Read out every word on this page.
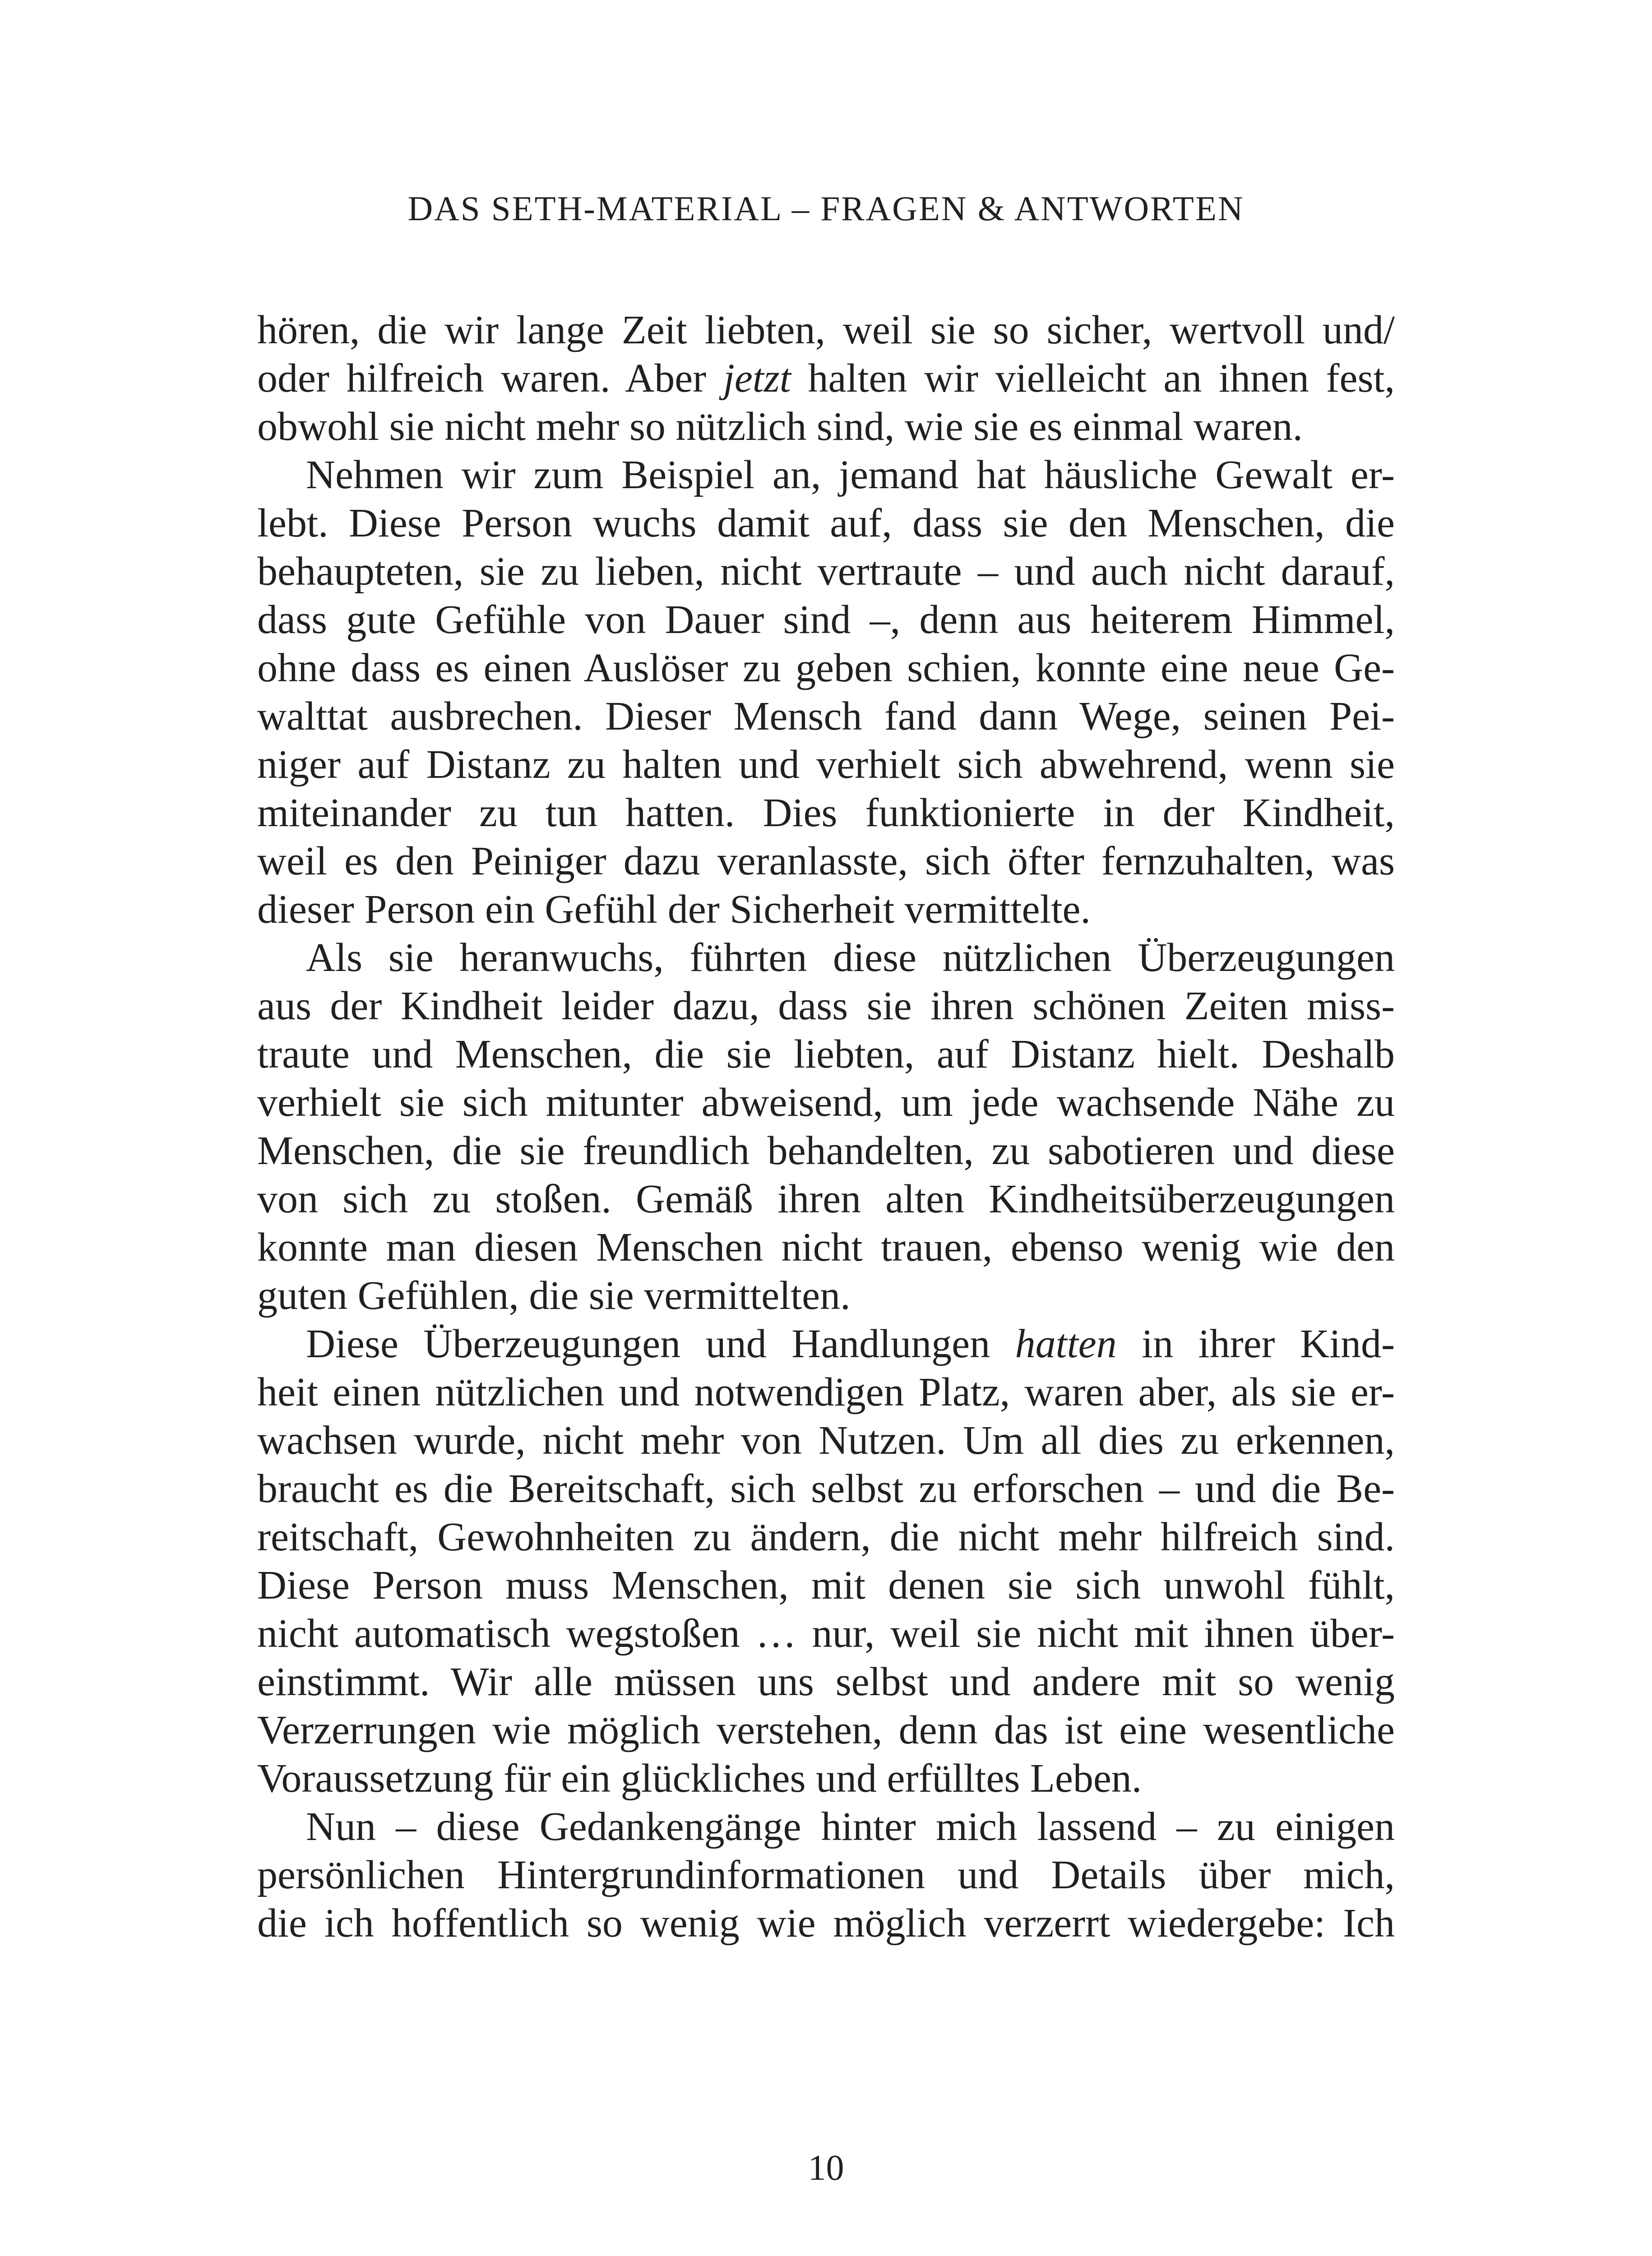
DAS SETH-MATERIAL – FRAGEN & ANTWORTEN
hören, die wir lange Zeit liebten, weil sie so sicher, wertvoll und/
oder hilfreich waren. Aber jetzt halten wir vielleicht an ihnen fest,
obwohl sie nicht mehr so nützlich sind, wie sie es einmal waren.
Nehmen wir zum Beispiel an, jemand hat häusliche Gewalt er-
lebt. Diese Person wuchs damit auf, dass sie den Menschen, die
behaupteten, sie zu lieben, nicht vertraute – und auch nicht darauf,
dass gute Gefühle von Dauer sind –, denn aus heiterem Himmel,
ohne dass es einen Auslöser zu geben schien, konnte eine neue Ge-
walttat ausbrechen. Dieser Mensch fand dann Wege, seinen Pei-
niger auf Distanz zu halten und verhielt sich abwehrend, wenn sie
miteinander zu tun hatten. Dies funktionierte in der Kindheit,
weil es den Peiniger dazu veranlasste, sich öfter fernzuhalten, was
dieser Person ein Gefühl der Sicherheit vermittelte.
Als sie heranwuchs, führten diese nützlichen Überzeugungen
aus der Kindheit leider dazu, dass sie ihren schönen Zeiten miss-
traute und Menschen, die sie liebten, auf Distanz hielt. Deshalb
verhielt sie sich mitunter abweisend, um jede wachsende Nähe zu
Menschen, die sie freundlich behandelten, zu sabotieren und diese
von sich zu stoßen. Gemäß ihren alten Kindheitsüberzeugungen
konnte man diesen Menschen nicht trauen, ebenso wenig wie den
guten Gefühlen, die sie vermittelten.
Diese Überzeugungen und Handlungen hatten in ihrer Kind-
heit einen nützlichen und notwendigen Platz, waren aber, als sie er-
wachsen wurde, nicht mehr von Nutzen. Um all dies zu erkennen,
braucht es die Bereitschaft, sich selbst zu erforschen – und die Be-
reitschaft, Gewohnheiten zu ändern, die nicht mehr hilfreich sind.
Diese Person muss Menschen, mit denen sie sich unwohl fühlt,
nicht automatisch wegstoßen … nur, weil sie nicht mit ihnen über-
einstimmt. Wir alle müssen uns selbst und andere mit so wenig
Verzerrungen wie möglich verstehen, denn das ist eine wesentliche
Voraussetzung für ein glückliches und erfülltes Leben.
Nun – diese Gedankengänge hinter mich lassend – zu einigen
persönlichen Hintergrundinformationen und Details über mich,
die ich hoffentlich so wenig wie möglich verzerrt wiedergebe: Ich
10
